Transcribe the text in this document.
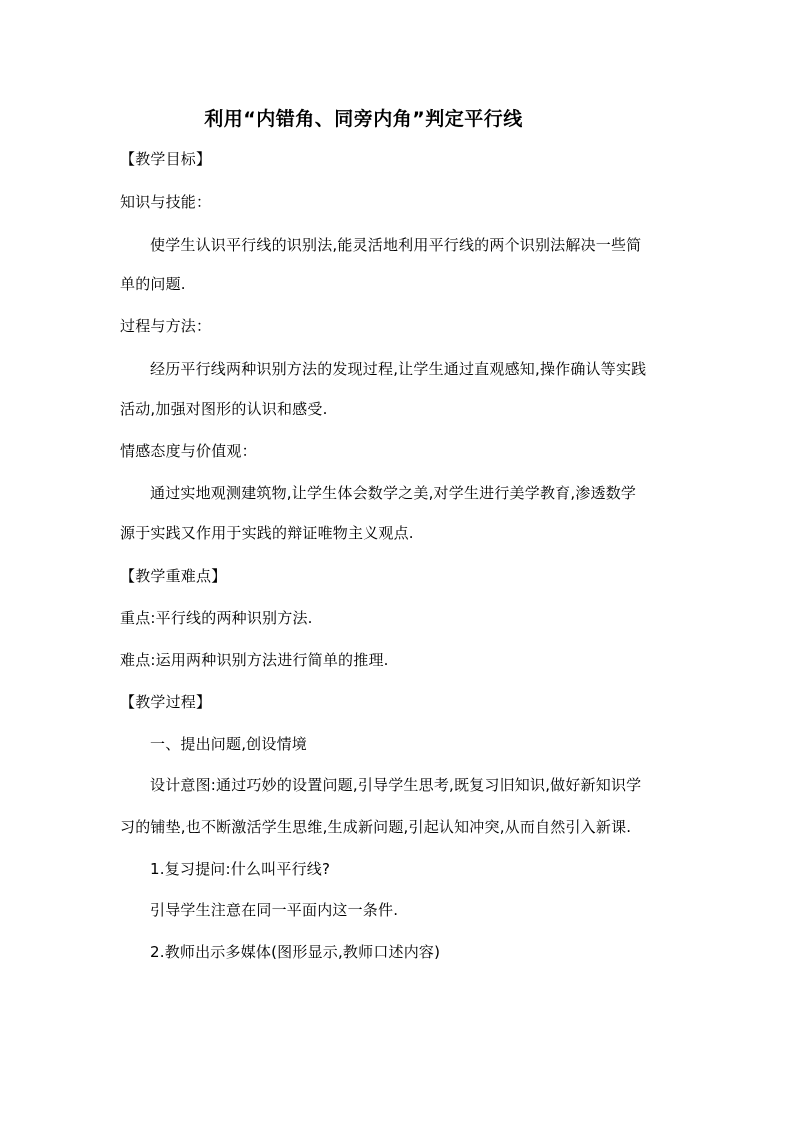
利用“内错角、同旁内角”判定平行线
【教学目标】
知识与技能：
使学生认识平行线的识别法,能灵活地利用平行线的两个识别法解决一些简
单的问题.
过程与方法：
经历平行线两种识别方法的发现过程,让学生通过直观感知,操作确认等实践
活动,加强对图形的认识和感受.
情感态度与价值观：
通过实地观测建筑物,让学生体会数学之美,对学生进行美学教育,渗透数学
源于实践又作用于实践的辩证唯物主义观点.
【教学重难点】
重点:平行线的两种识别方法.
难点:运用两种识别方法进行简单的推理.
【教学过程】
一、提出问题,创设情境
设计意图:通过巧妙的设置问题,引导学生思考,既复习旧知识,做好新知识学
习的铺垫,也不断激活学生思维,生成新问题,引起认知冲突,从而自然引入新课.
1.复习提问:什么叫平行线?
引导学生注意在同一平面内这一条件.
2.教师出示多媒体(图形显示,教师口述内容)
